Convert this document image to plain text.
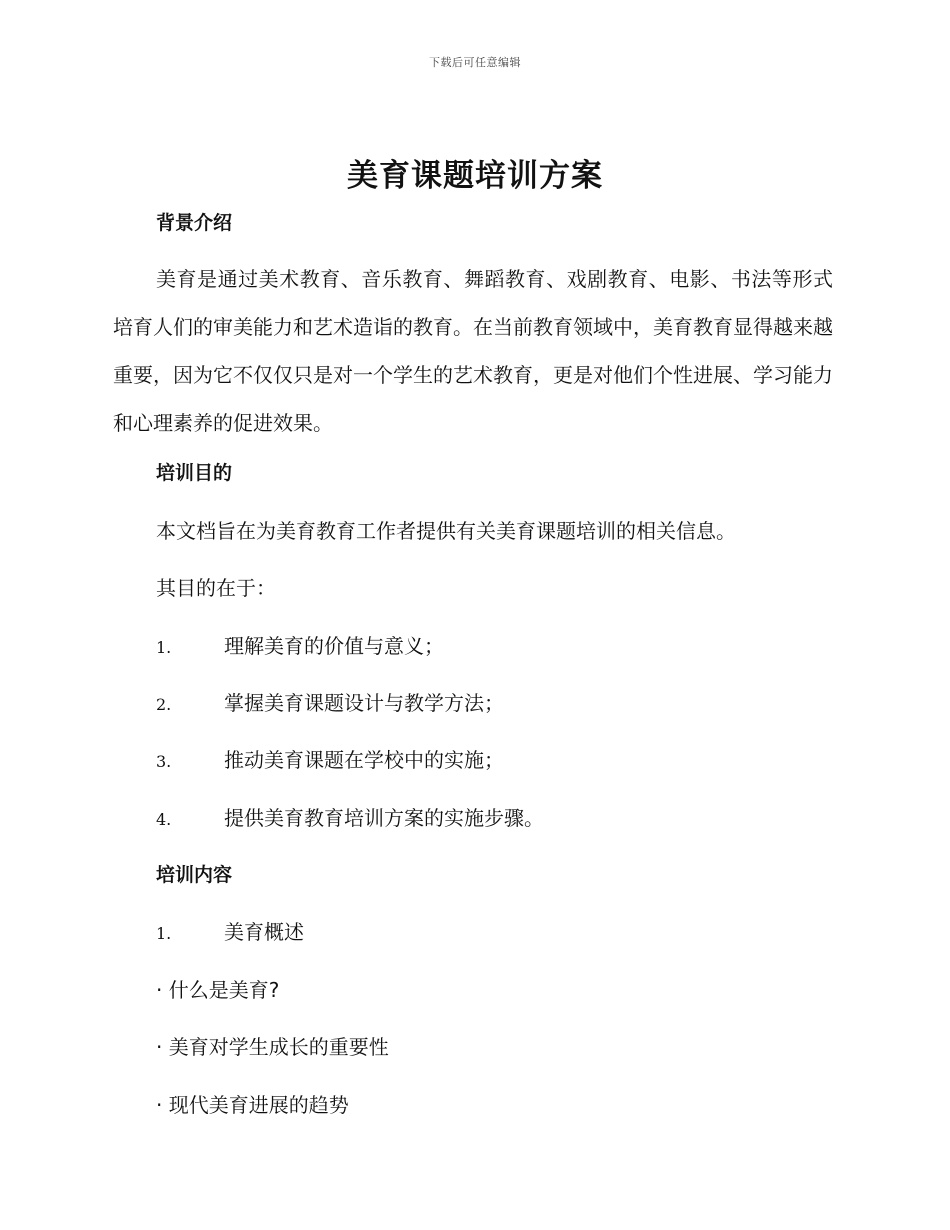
下载后可任意编辑
美育课题培训方案
背景介绍
美育是通过美术教育、音乐教育、舞蹈教育、戏剧教育、电影、书法等形式培育人们的审美能力和艺术造诣的教育。在当前教育领域中，美育教育显得越来越重要，因为它不仅仅只是对一个学生的艺术教育，更是对他们个性进展、学习能力和心理素养的促进效果。
培训目的
本文档旨在为美育教育工作者提供有关美育课题培训的相关信息。
其目的在于：
1.	理解美育的价值与意义；
2.	掌握美育课题设计与教学方法；
3.	推动美育课题在学校中的实施；
4.	提供美育教育培训方案的实施步骤。
培训内容
1.	美育概述
· 什么是美育?
· 美育对学生成长的重要性
· 现代美育进展的趋势
